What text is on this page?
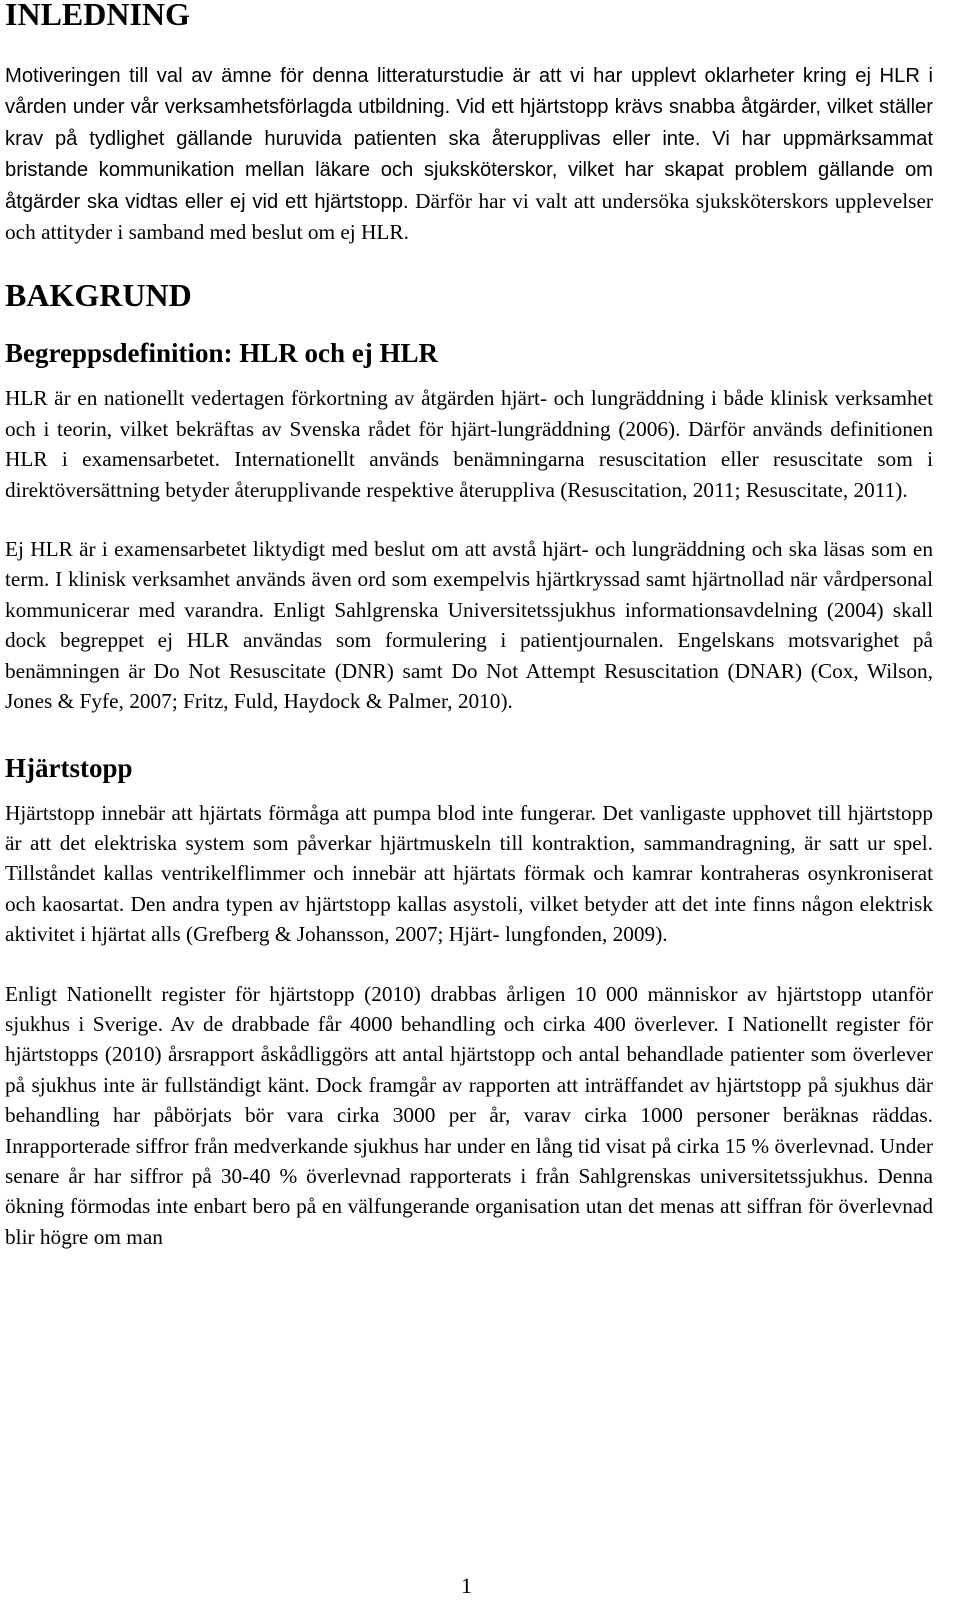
INLEDNING

Motiveringen till val av ämne för denna litteraturstudie är att vi har upplevt oklarheter kring ej HLR i vården under vår verksamhetsförlagda utbildning. Vid ett hjärtstopp krävs snabba åtgärder, vilket ställer krav på tydlighet gällande huruvida patienten ska återupplivas eller inte. Vi har uppmärksammat bristande kommunikation mellan läkare och sjuksköterskor, vilket har skapat problem gällande om åtgärder ska vidtas eller ej vid ett hjärtstopp. Därför har vi valt att undersöka sjuksköterskors upplevelser och attityder i samband med beslut om ej HLR.

BAKGRUND
Begreppsdefinition: HLR och ej HLR

HLR är en nationellt vedertagen förkortning av åtgärden hjärt- och lungräddning i både klinisk verksamhet och i teorin, vilket bekräftas av Svenska rådet för hjärt-lungräddning (2006). Därför används definitionen HLR i examensarbetet. Internationellt används benämningarna resuscitation eller resuscitate som i direktöversättning betyder återupplivande respektive återuppliva (Resuscitation, 2011; Resuscitate, 2011).

Ej HLR är i examensarbetet liktydigt med beslut om att avstå hjärt- och lungräddning och ska läsas som en term. I klinisk verksamhet används även ord som exempelvis hjärtkryssad samt hjärtnollad när vårdpersonal kommunicerar med varandra. Enligt Sahlgrenska Universitetssjukhus informationsavdelning (2004) skall dock begreppet ej HLR användas som formulering i patientjournalen. Engelskans motsvarighet på benämningen är Do Not Resuscitate (DNR) samt Do Not Attempt Resuscitation (DNAR) (Cox, Wilson, Jones & Fyfe, 2007; Fritz, Fuld, Haydock & Palmer, 2010).

Hjärtstopp

Hjärtstopp innebär att hjärtats förmåga att pumpa blod inte fungerar. Det vanligaste upphovet till hjärtstopp är att det elektriska system som påverkar hjärtmuskeln till kontraktion, sammandragning, är satt ur spel. Tillståndet kallas ventrikelflimmer och innebär att hjärtats förmak och kamrar kontraheras osynkroniserat och kaosartat. Den andra typen av hjärtstopp kallas asystoli, vilket betyder att det inte finns någon elektrisk aktivitet i hjärtat alls (Grefberg & Johansson, 2007; Hjärt- lungfonden, 2009).

Enligt Nationellt register för hjärtstopp (2010) drabbas årligen 10 000 människor av hjärtstopp utanför sjukhus i Sverige. Av de drabbade får 4000 behandling och cirka 400 överlever. I Nationellt register för hjärtstopps (2010) årsrapport åskådliggörs att antal hjärtstopp och antal behandlade patienter som överlever på sjukhus inte är fullständigt känt. Dock framgår av rapporten att inträffandet av hjärtstopp på sjukhus där behandling har påbörjats bör vara cirka 3000 per år, varav cirka 1000 personer beräknas räddas. Inrapporterade siffror från medverkande sjukhus har under en lång tid visat på cirka 15 % överlevnad. Under senare år har siffror på 30-40 % överlevnad rapporterats i från Sahlgrenskas universitetssjukhus. Denna ökning förmodas inte enbart bero på en välfungerande organisation utan det menas att siffran för överlevnad blir högre om man

1
